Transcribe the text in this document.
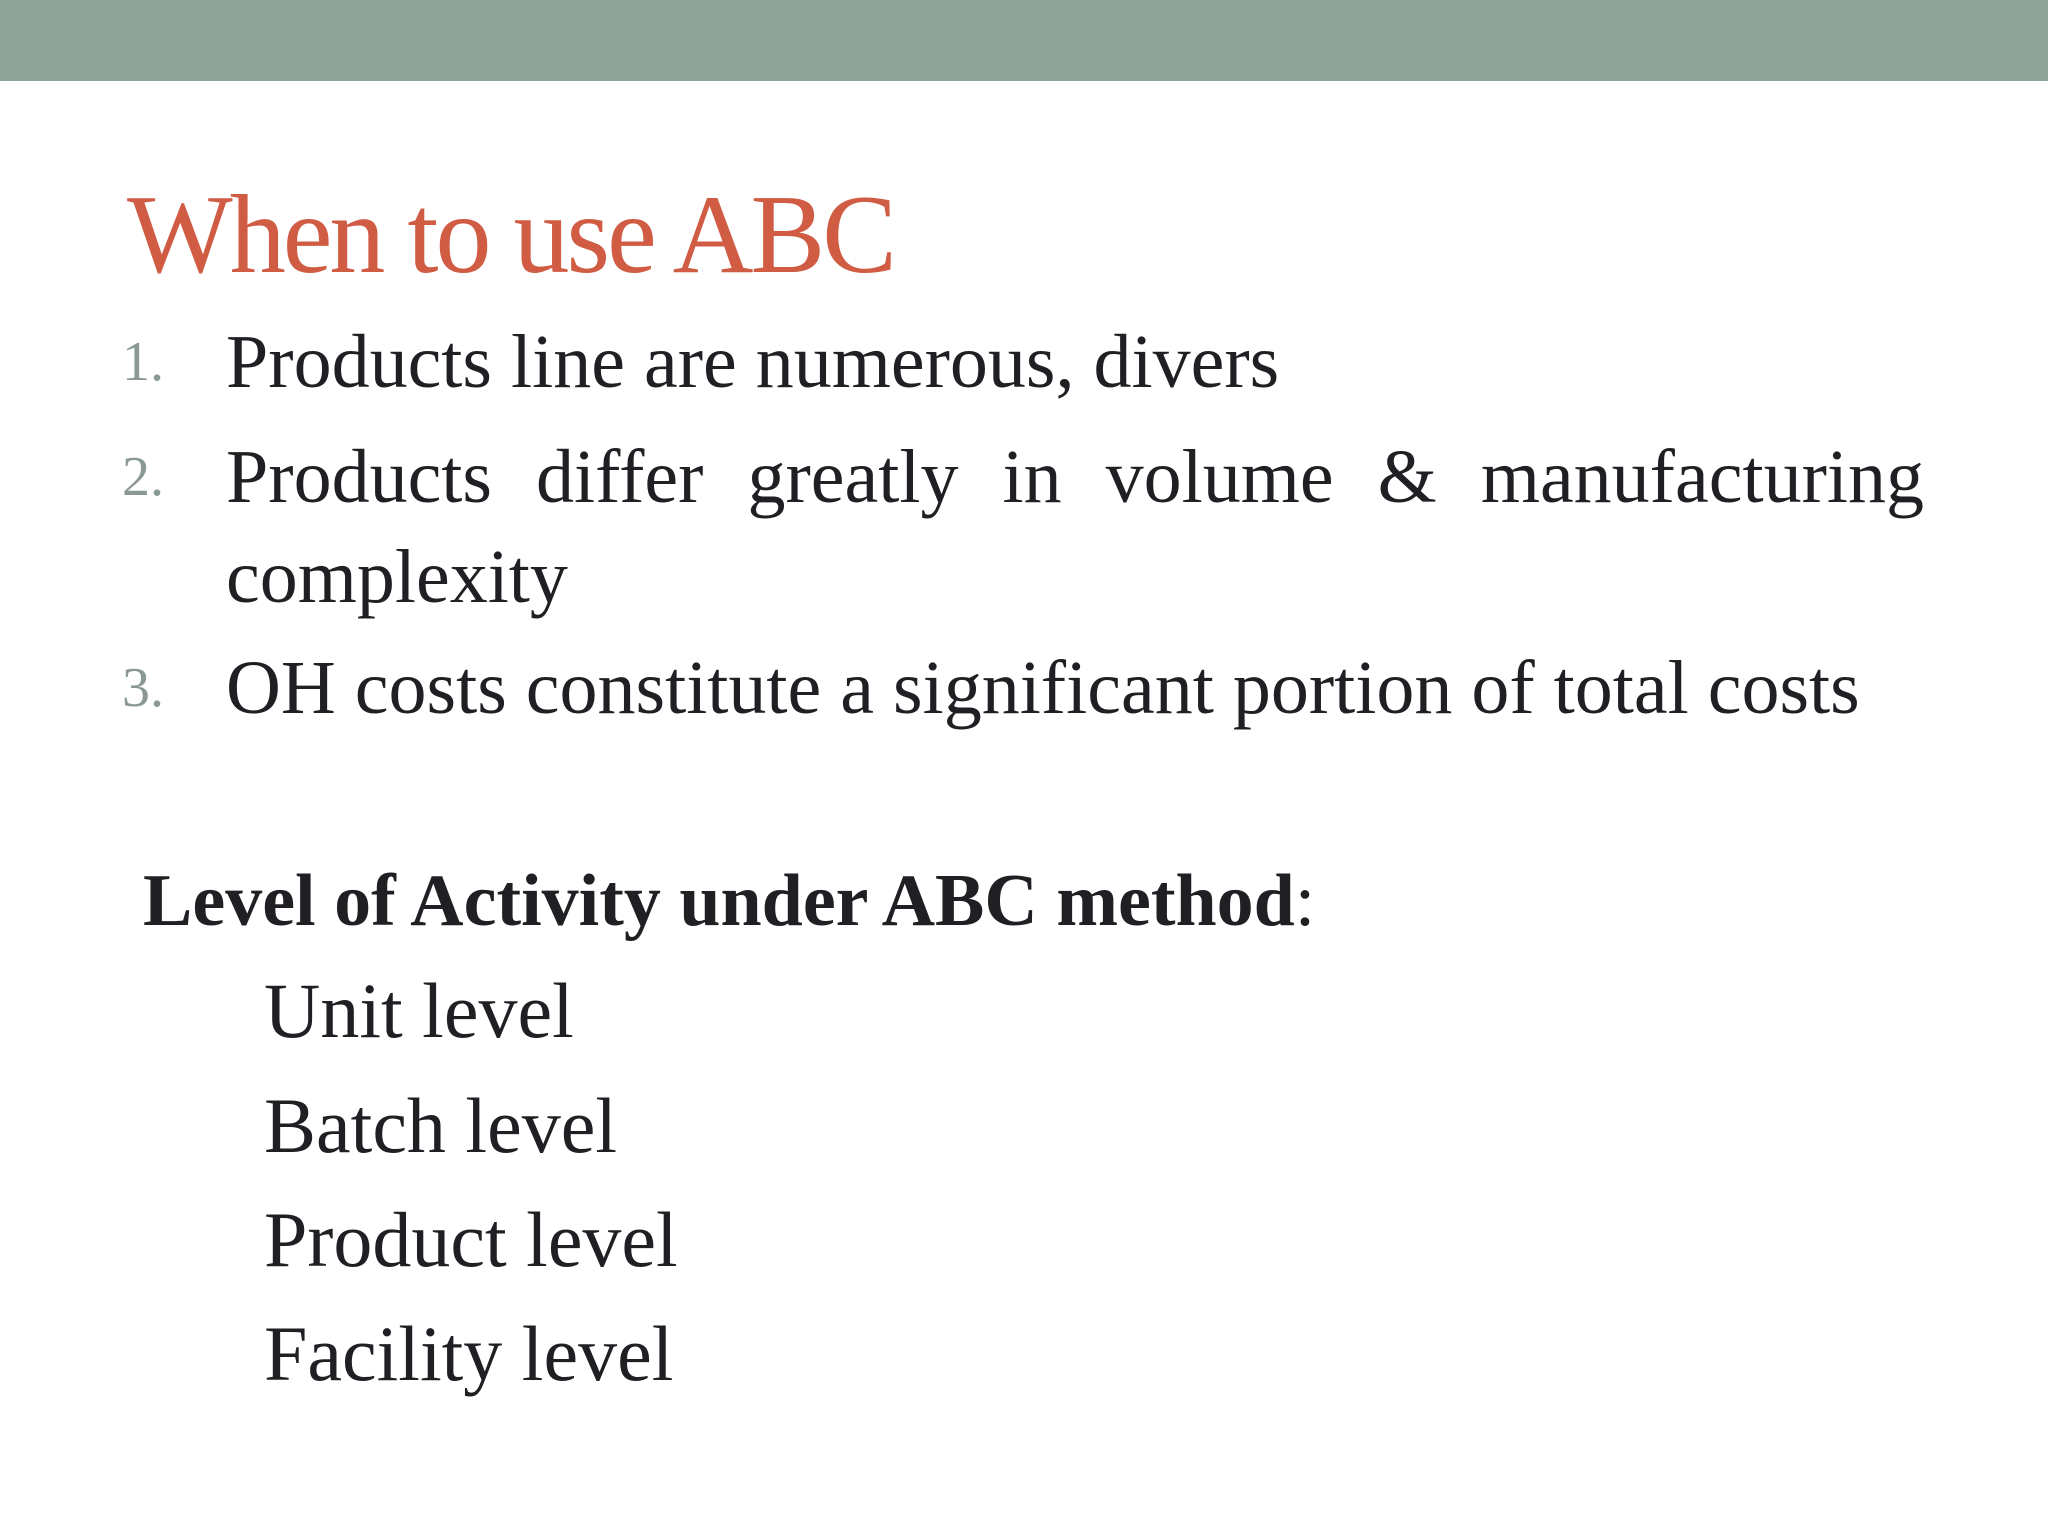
When to use ABC
1. Products line are numerous, divers
2. Products differ greatly in volume & manufacturing complexity
3. OH costs constitute a significant portion of total costs

Level of Activity under ABC method:

Unit level
Batch level
Product level
Facility level
